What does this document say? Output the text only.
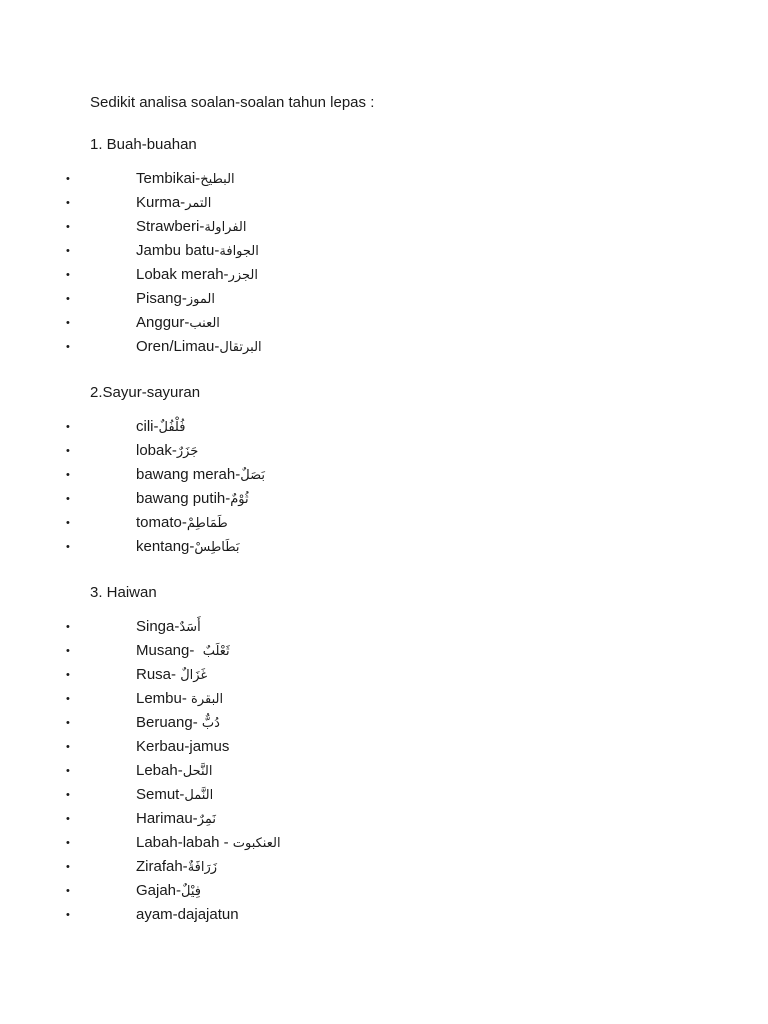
Sedikit analisa soalan-soalan tahun lepas :
1. Buah-buahan
•	Tembikai-البطيخ
•	Kurma-التمر
•	Strawberi-الفراولة
•	Jambu batu-الجوافة
•	Lobak merah-الجزر
•	Pisang-الموز
•	Anggur-العنب
•	Oren/Limau-البرتقال
2.Sayur-sayuran
•	cili-فُلْفُلٌ
•	lobak-جَزَرٌ
•	bawang merah-بَصَلٌ
•	bawang putih-ثُوْمٌ
•	tomato-طَمَاطِمْ
•	kentang-بَطَاطِسْ
3. Haiwan
•	Singa-أَسَدٌ
•	Musang-  ثَعْلَبٌ
•	Rusa- غَزَالٌ
•	Lembu- البقرة
•	Beruang- دُبٌّ
•	Kerbau-jamus
•	Lebah-النَّحل
•	Semut-النَّمل
•	Harimau-نَمِرٌ
•	Labah-labah - العنكبوت
•	Zirafah-زَرَافَةٌ
•	Gajah-فِيْلٌ
•	ayam-dajajatun
